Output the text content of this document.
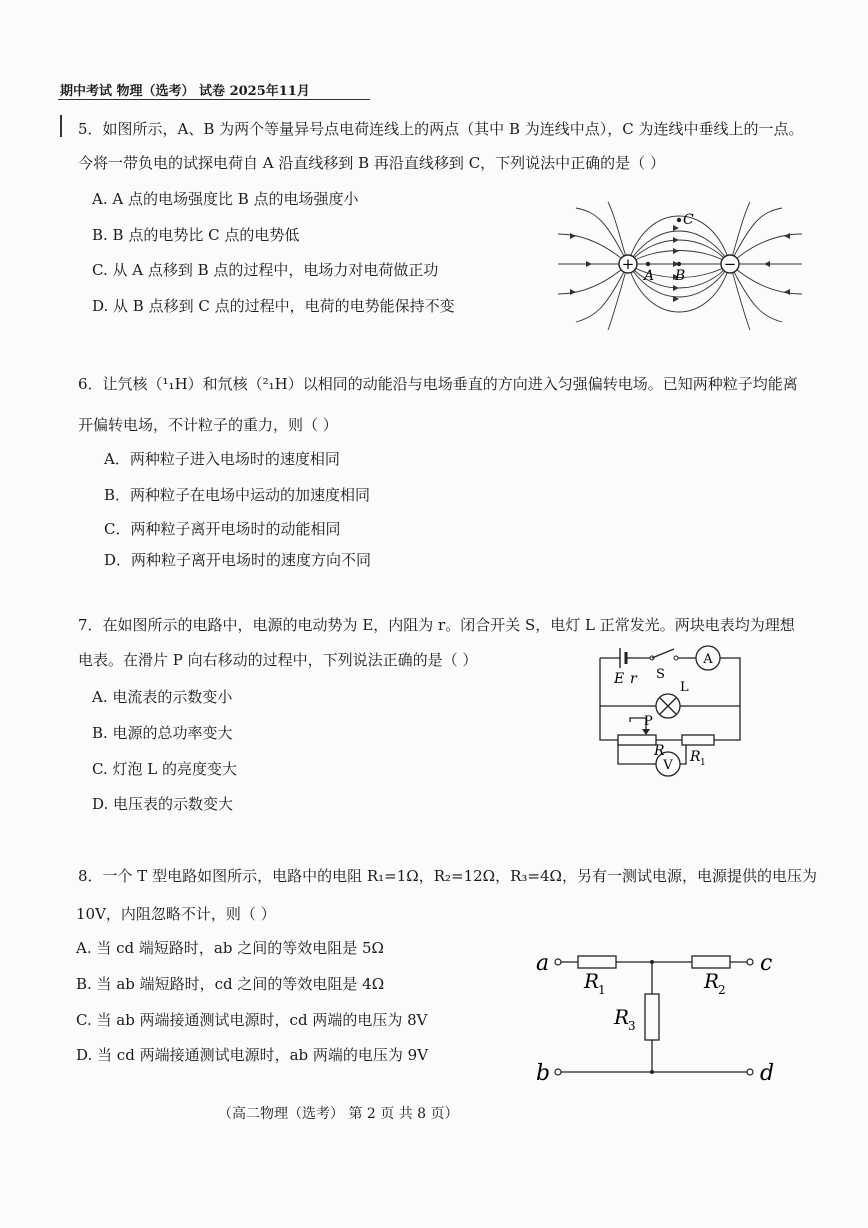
期中考试 物理（选考） 试卷 2025年11月
5．如图所示，A、B 为两个等量异号点电荷连线上的两点（其中 B 为连线中点），C 为连线中垂线上的一点。
今将一带负电的试探电荷自 A 沿直线移到 B 再沿直线移到 C，下列说法中正确的是（ ）
A. A 点的电场强度比 B 点的电场强度小
B. B 点的电势比 C 点的电势低
C. 从 A 点移到 B 点的过程中，电场力对电荷做正功
D. 从 B 点移到 C 点的过程中，电荷的电势能保持不变
+	−
A B
C
6．让氕核（¹₁H）和氘核（²₁H）以相同的动能沿与电场垂直的方向进入匀强偏转电场。已知两种粒子均能离
开偏转电场，不计粒子的重力，则（ ）
A．两种粒子进入电场时的速度相同
B．两种粒子在电场中运动的加速度相同
C．两种粒子离开电场时的动能相同
D．两种粒子离开电场时的速度方向不同
7．在如图所示的电路中，电源的电动势为 E，内阻为 r。闭合开关 S，电灯 L 正常发光。两块电表均为理想
电表。在滑片 P 向右移动的过程中，下列说法正确的是（ ）
A. 电流表的示数变小
B. 电源的总功率变大
C. 灯泡 L 的亮度变大
D. 电压表的示数变大
A
V
E r S
L
P
R R 1
8．一个 T 型电路如图所示，电路中的电阻 R₁=1Ω，R₂=12Ω，R₃=4Ω，另有一测试电源，电源提供的电压为
10V，内阻忽略不计，则（ ）
A. 当 cd 端短路时，ab 之间的等效电阻是 5Ω
B. 当 ab 端短路时，cd 之间的等效电阻是 4Ω
C. 当 ab 两端接通测试电源时，cd 两端的电压为 8V
D. 当 cd 两端接通测试电源时，ab 两端的电压为 9V
a	c
b	d
R
1	R
2
R
3
（高二物理（选考） 第 2 页 共 8 页）
